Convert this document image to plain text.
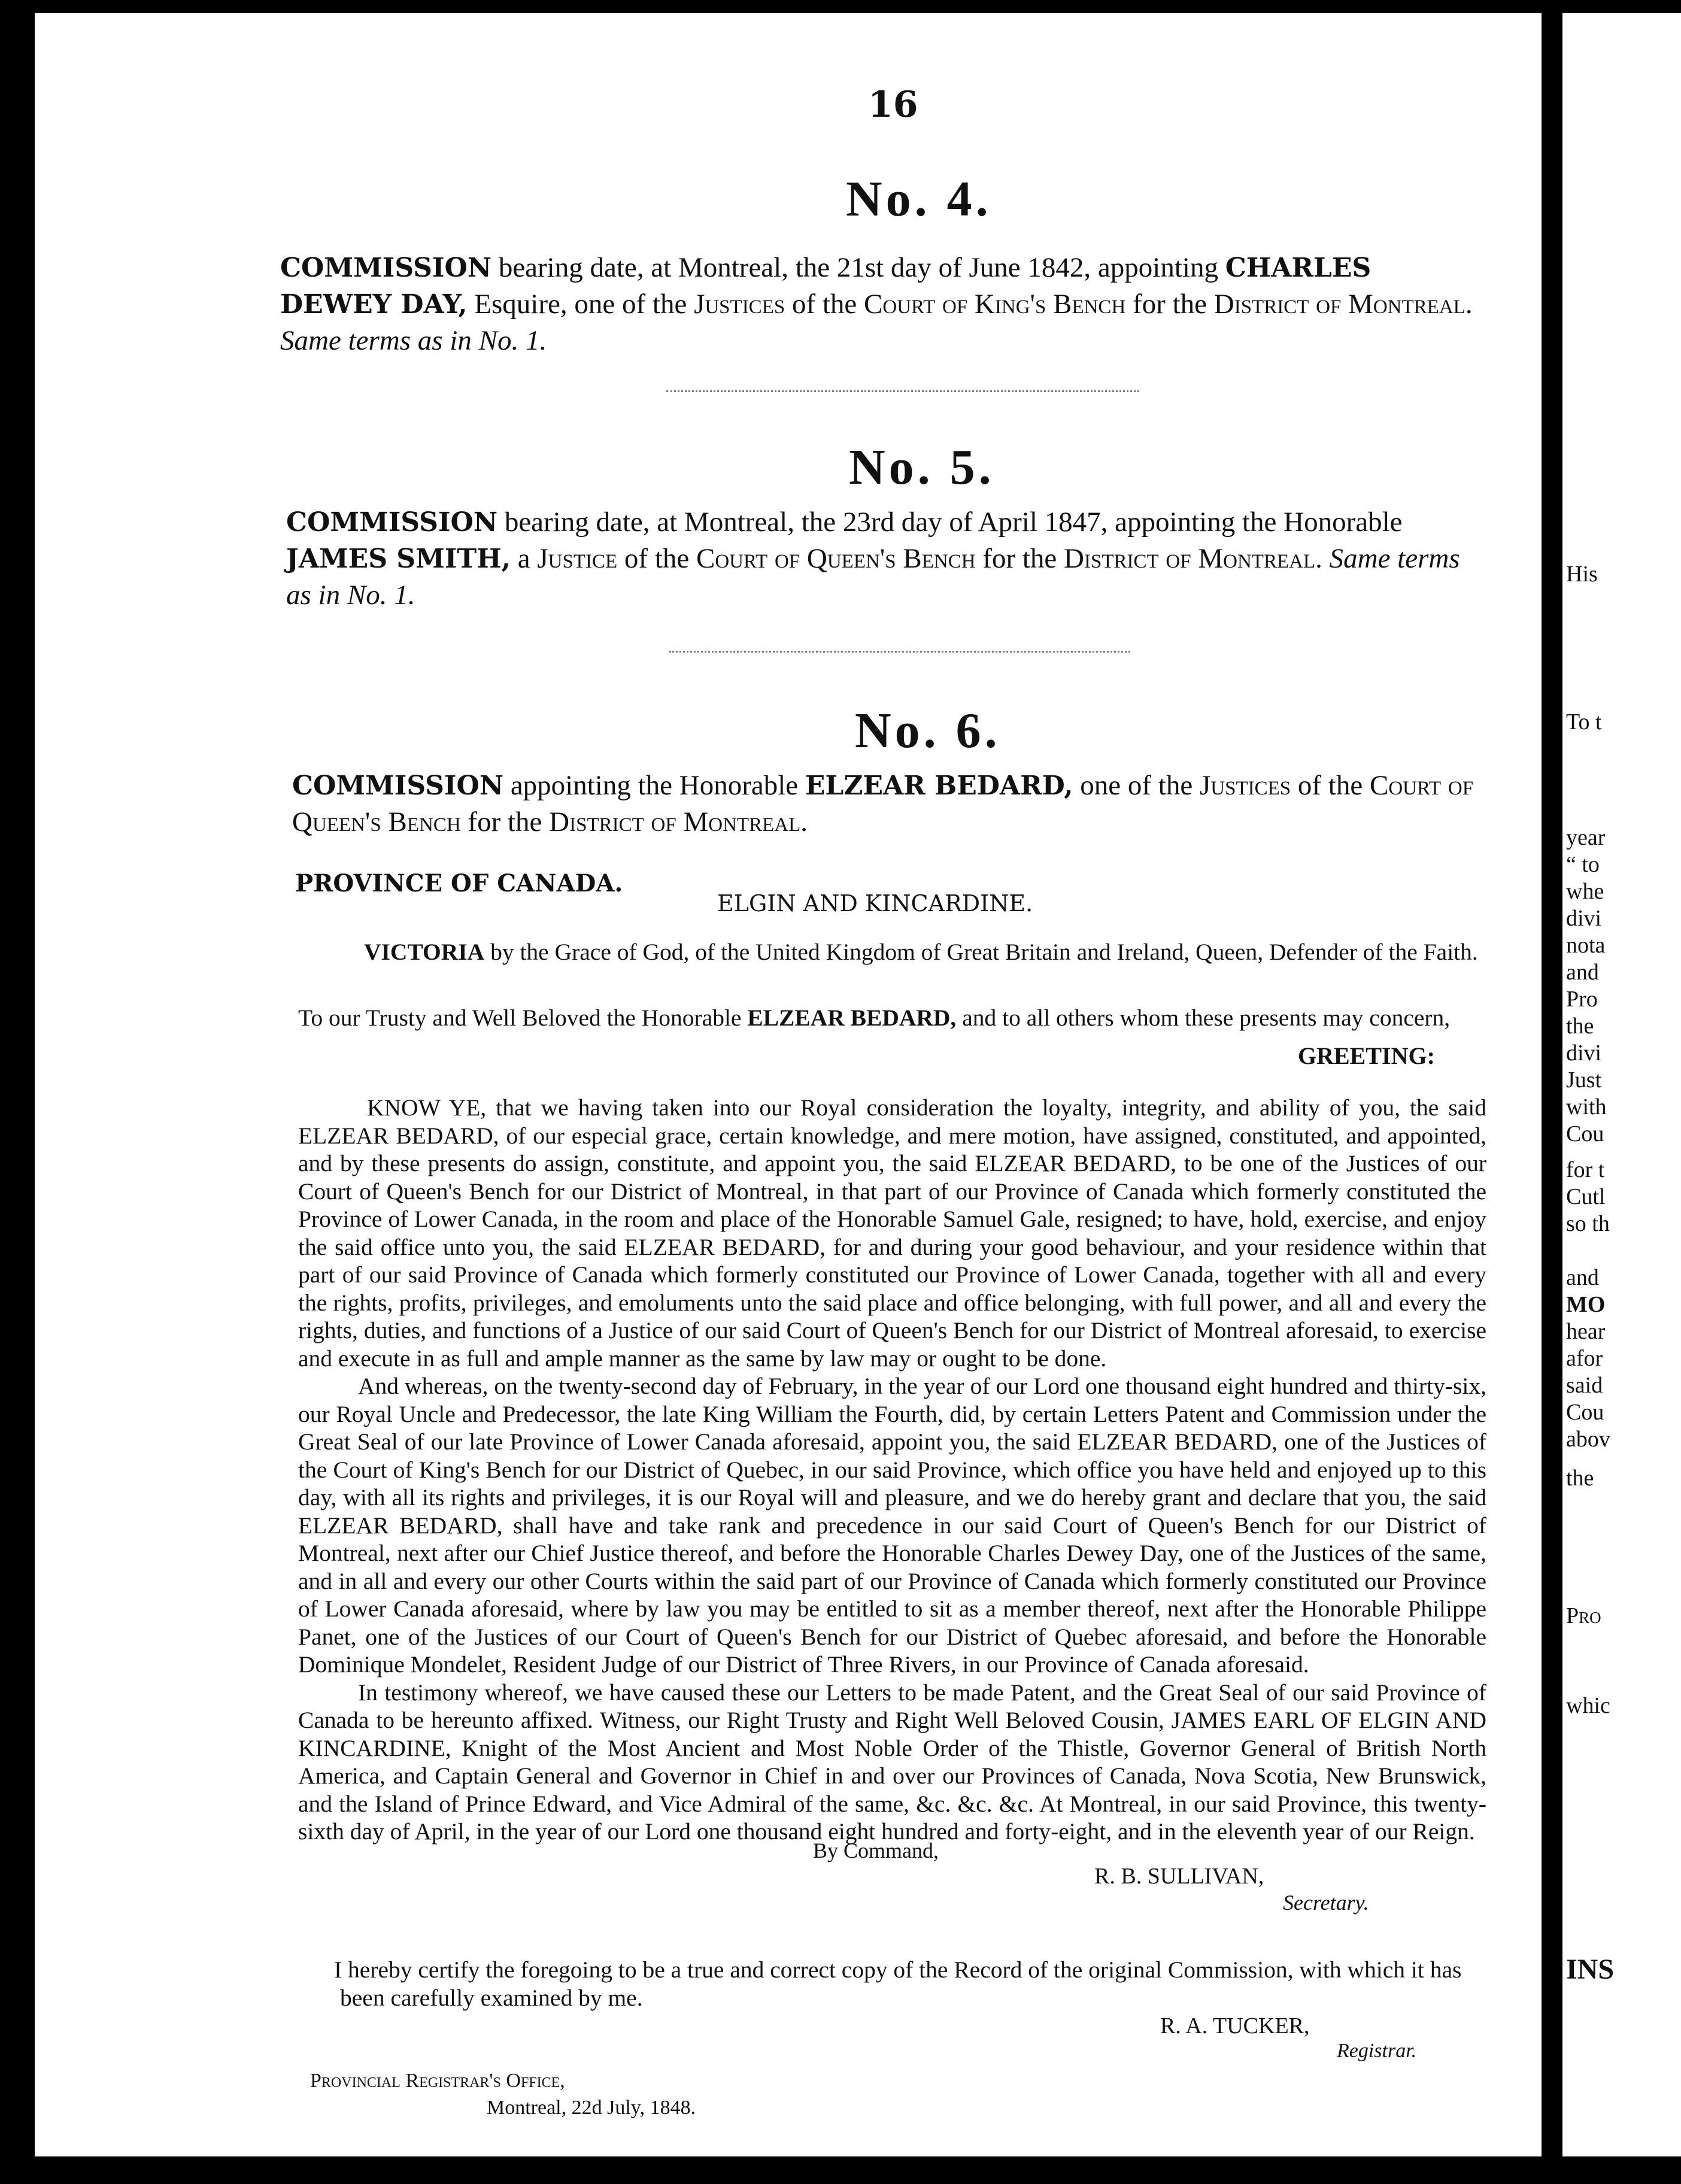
16
No. 4.
COMMISSION bearing date, at Montreal, the 21st day of June 1842, appointing CHARLES DEWEY DAY, Esquire, one of the Justices of the Court of King's Bench for the District of Montreal. Same terms as in No. 1.
No. 5.
COMMISSION bearing date, at Montreal, the 23rd day of April 1847, appointing the Honorable JAMES SMITH, a Justice of the Court of Queen's Bench for the District of Montreal. Same terms as in No. 1.
No. 6.
COMMISSION appointing the Honorable ELZEAR BEDARD, one of the Justices of the Court of Queen's Bench for the District of Montreal.
PROVINCE OF CANADA.
ELGIN AND KINCARDINE.
VICTORIA by the Grace of God, of the United Kingdom of Great Britain and Ireland, Queen, Defender of the Faith.
To our Trusty and Well Beloved the Honorable ELZEAR BEDARD, and to all others whom these presents may concern,
GREETING:

KNOW YE, that we having taken into our Royal consideration the loyalty, integrity, and ability of you, the said ELZEAR BEDARD, of our especial grace, certain knowledge, and mere motion, have assigned, constituted, and appointed, and by these presents do assign, constitute, and appoint you, the said ELZEAR BEDARD, to be one of the Justices of our Court of Queen's Bench for our District of Montreal, in that part of our Province of Canada which formerly constituted the Province of Lower Canada, in the room and place of the Honorable Samuel Gale, resigned; to have, hold, exercise, and enjoy the said office unto you, the said ELZEAR BEDARD, for and during your good behaviour, and your residence within that part of our said Province of Canada which formerly constituted our Province of Lower Canada, together with all and every the rights, profits, privileges, and emoluments unto the said place and office belonging, with full power, and all and every the rights, duties, and functions of a Justice of our said Court of Queen's Bench for our District of Montreal aforesaid, to exercise and execute in as full and ample manner as the same by law may or ought to be done.

And whereas, on the twenty-second day of February, in the year of our Lord one thousand eight hundred and thirty-six, our Royal Uncle and Predecessor, the late King William the Fourth, did, by certain Letters Patent and Commission under the Great Seal of our late Province of Lower Canada aforesaid, appoint you, the said ELZEAR BEDARD, one of the Justices of the Court of King's Bench for our District of Quebec, in our said Province, which office you have held and enjoyed up to this day, with all its rights and privileges, it is our Royal will and pleasure, and we do hereby grant and declare that you, the said ELZEAR BEDARD, shall have and take rank and precedence in our said Court of Queen's Bench for our District of Montreal, next after our Chief Justice thereof, and before the Honorable Charles Dewey Day, one of the Justices of the same, and in all and every our other Courts within the said part of our Province of Canada which formerly constituted our Province of Lower Canada aforesaid, where by law you may be entitled to sit as a member thereof, next after the Honorable Philippe Panet, one of the Justices of our Court of Queen's Bench for our District of Quebec aforesaid, and before the Honorable Dominique Mondelet, Resident Judge of our District of Three Rivers, in our Province of Canada aforesaid.

In testimony whereof, we have caused these our Letters to be made Patent, and the Great Seal of our said Province of Canada to be hereunto affixed. Witness, our Right Trusty and Right Well Beloved Cousin, JAMES EARL OF ELGIN AND KINCARDINE, Knight of the Most Ancient and Most Noble Order of the Thistle, Governor General of British North America, and Captain General and Governor in Chief in and over our Provinces of Canada, Nova Scotia, New Brunswick, and the Island of Prince Edward, and Vice Admiral of the same, &c. &c. &c. At Montreal, in our said Province, this twenty-sixth day of April, in the year of our Lord one thousand eight hundred and forty-eight, and in the eleventh year of our Reign.

By Command,
R. B. SULLIVAN,
Secretary.
I hereby certify the foregoing to be a true and correct copy of the Record of the original Commission, with which it has been carefully examined by me.
R. A. TUCKER,
Registrar.
Provincial Registrar's Office,
Montreal, 22d July, 1848.
His
To t
year
“ to
whe
divi
nota
and
Pro
the
divi
Just
with
Cou
for t
Cutl
so th
and
MO
hear
afor
said
Cou
abov
the
Pro
whic
INS
